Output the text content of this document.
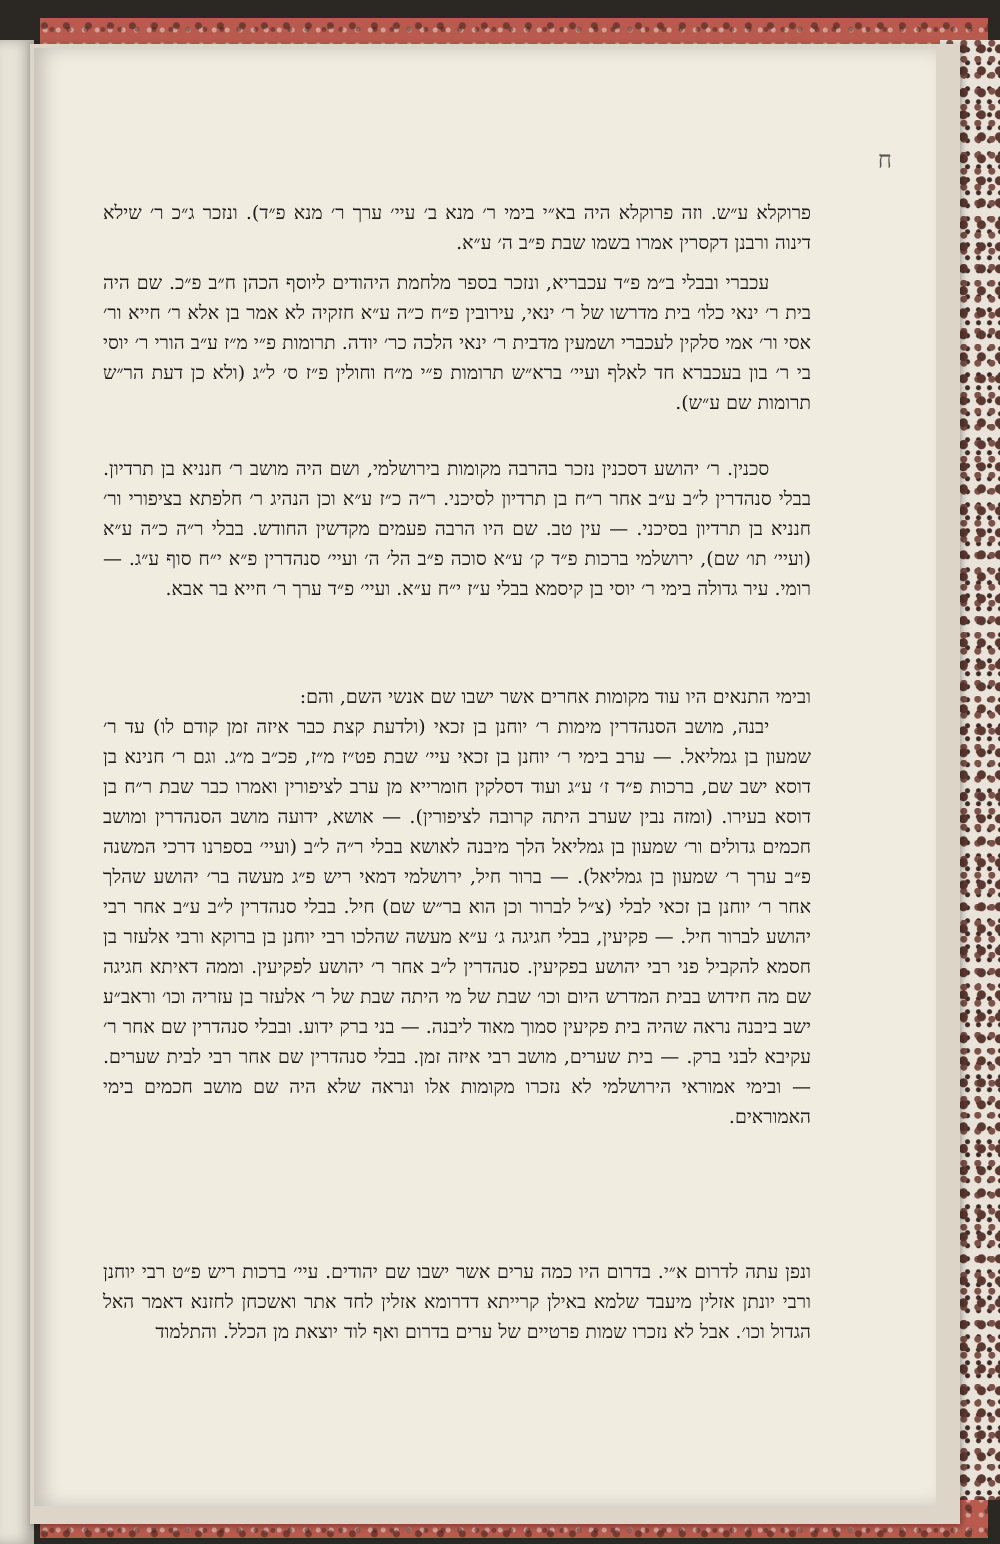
ח

פרוקלא ע״ש. וזה פרוקלא היה בא״י בימי ר׳ מנא ב׳ עיי׳ ערך ר׳ מנא פ״ד). ונזכר ג״כ ר׳ שילא דינוה ורבנן דקסרין אמרו בשמו שבת פ״ב ה׳ ע״א.

עכברי ובבלי ב״מ פ״ד עכבריא, ונזכר בספר מלחמת היהודים ליוסף הכהן ח״ב פ״כ. שם היה בית ר׳ ינאי כלו׳ בית מדרשו של ר׳ ינאי, עירובין פ״ח כ״ה ע״א חזקיה לא אמר בן אלא ר׳ חייא ור׳ אסי ור׳ אמי סלקין לעכברי ושמעין מדבית ר׳ ינאי הלכה כר׳ יודה. תרומות פ״י מ״ז ע״ב הורי ר׳ יוסי בי ר׳ בון בעכברא חד לאלף ועיי׳ ברא״ש תרומות פ״י מ״ח וחולין פ״ז ס׳ ל״ג (ולא כן דעת הר״ש תרומות שם ע״ש).

סכנין. ר׳ יהושע דסכנין נזכר בהרבה מקומות בירושלמי, ושם היה מושב ר׳ חנניא בן תרדיון. בבלי סנהדרין ל״ב ע״ב אחר ר״ח בן תרדיון לסיכני. ר״ה כ״ז ע״א וכן הנהיג ר׳ חלפתא בציפורי ור׳ חנניא בן תרדיון בסיכני. — עין טב. שם היו הרבה פעמים מקדשין החודש. בבלי ר״ה כ״ה ע״א (ועיי׳ תו׳ שם), ירושלמי ברכות פ״ד ק׳ ע״א סוכה פ״ב הל׳ ה׳ ועיי׳ סנהדרין פ״א י״ח סוף ע״ג. — רומי. עיר גדולה בימי ר׳ יוסי בן קיסמא בבלי ע״ז י״ח ע״א. ועיי׳ פ״ד ערך ר׳ חייא בר אבא.

ובימי התנאים היו עוד מקומות אחרים אשר ישבו שם אנשי השם, והם:

יבנה, מושב הסנהדרין מימות ר׳ יוחנן בן זכאי (ולדעת קצת כבר איזה זמן קודם לו) עד ר׳ שמעון בן גמליאל. — ערב בימי ר׳ יוחנן בן זכאי עיי׳ שבת פט״ז מ״ז, פכ״ב מ״ג. וגם ר׳ חנינא בן דוסא ישב שם, ברכות פ״ד ז׳ ע״ג ועוד דסלקין חומרייא מן ערב לציפורין ואמרו כבר שבת ר״ח בן דוסא בעירו. (ומזה נבין שערב היתה קרובה לציפורין). — אושא, ידועה מושב הסנהדרין ומושב חכמים גדולים ור׳ שמעון בן גמליאל הלך מיבנה לאושא בבלי ר״ה ל״ב (ועיי׳ בספרנו דרכי המשנה פ״ב ערך ר׳ שמעון בן גמליאל). — ברור חיל, ירושלמי דמאי ריש פ״ג מעשה בר׳ יהושע שהלך אחר ר׳ יוחנן בן זכאי לבלי (צ״ל לברור וכן הוא בר״ש שם) חיל. בבלי סנהדרין ל״ב ע״ב אחר רבי יהושע לברור חיל. — פקיעין, בבלי חגיגה ג׳ ע״א מעשה שהלכו רבי יוחנן בן ברוקא ורבי אלעזר בן חסמא להקביל פני רבי יהושע בפקיעין. סנהדרין ל״ב אחר ר׳ יהושע לפקיעין. וממה דאיתא חגיגה שם מה חידוש בבית המדרש היום וכו׳ שבת של מי היתה שבת של ר׳ אלעזר בן עזריה וכו׳ וראב״ע ישב ביבנה נראה שהיה בית פקיעין סמוך מאוד ליבנה. — בני ברק ידוע. ובבלי סנהדרין שם אחר ר׳ עקיבא לבני ברק. — בית שערים, מושב רבי איזה זמן. בבלי סנהדרין שם אחר רבי לבית שערים. — ובימי אמוראי הירושלמי לא נזכרו מקומות אלו ונראה שלא היה שם מושב חכמים בימי האמוראים.

ונפן עתה לדרום א״י. בדרום היו כמה ערים אשר ישבו שם יהודים. עיי׳ ברכות ריש פ״ט רבי יוחנן ורבי יונתן אזלין מיעבד שלמא באילן קרייתא דדרומא אזלין לחד אתר ואשכחן לחזנא דאמר האל הגדול וכו׳. אבל לא נזכרו שמות פרטיים של ערים בדרום ואף לוד יוצאת מן הכלל. והתלמוד
